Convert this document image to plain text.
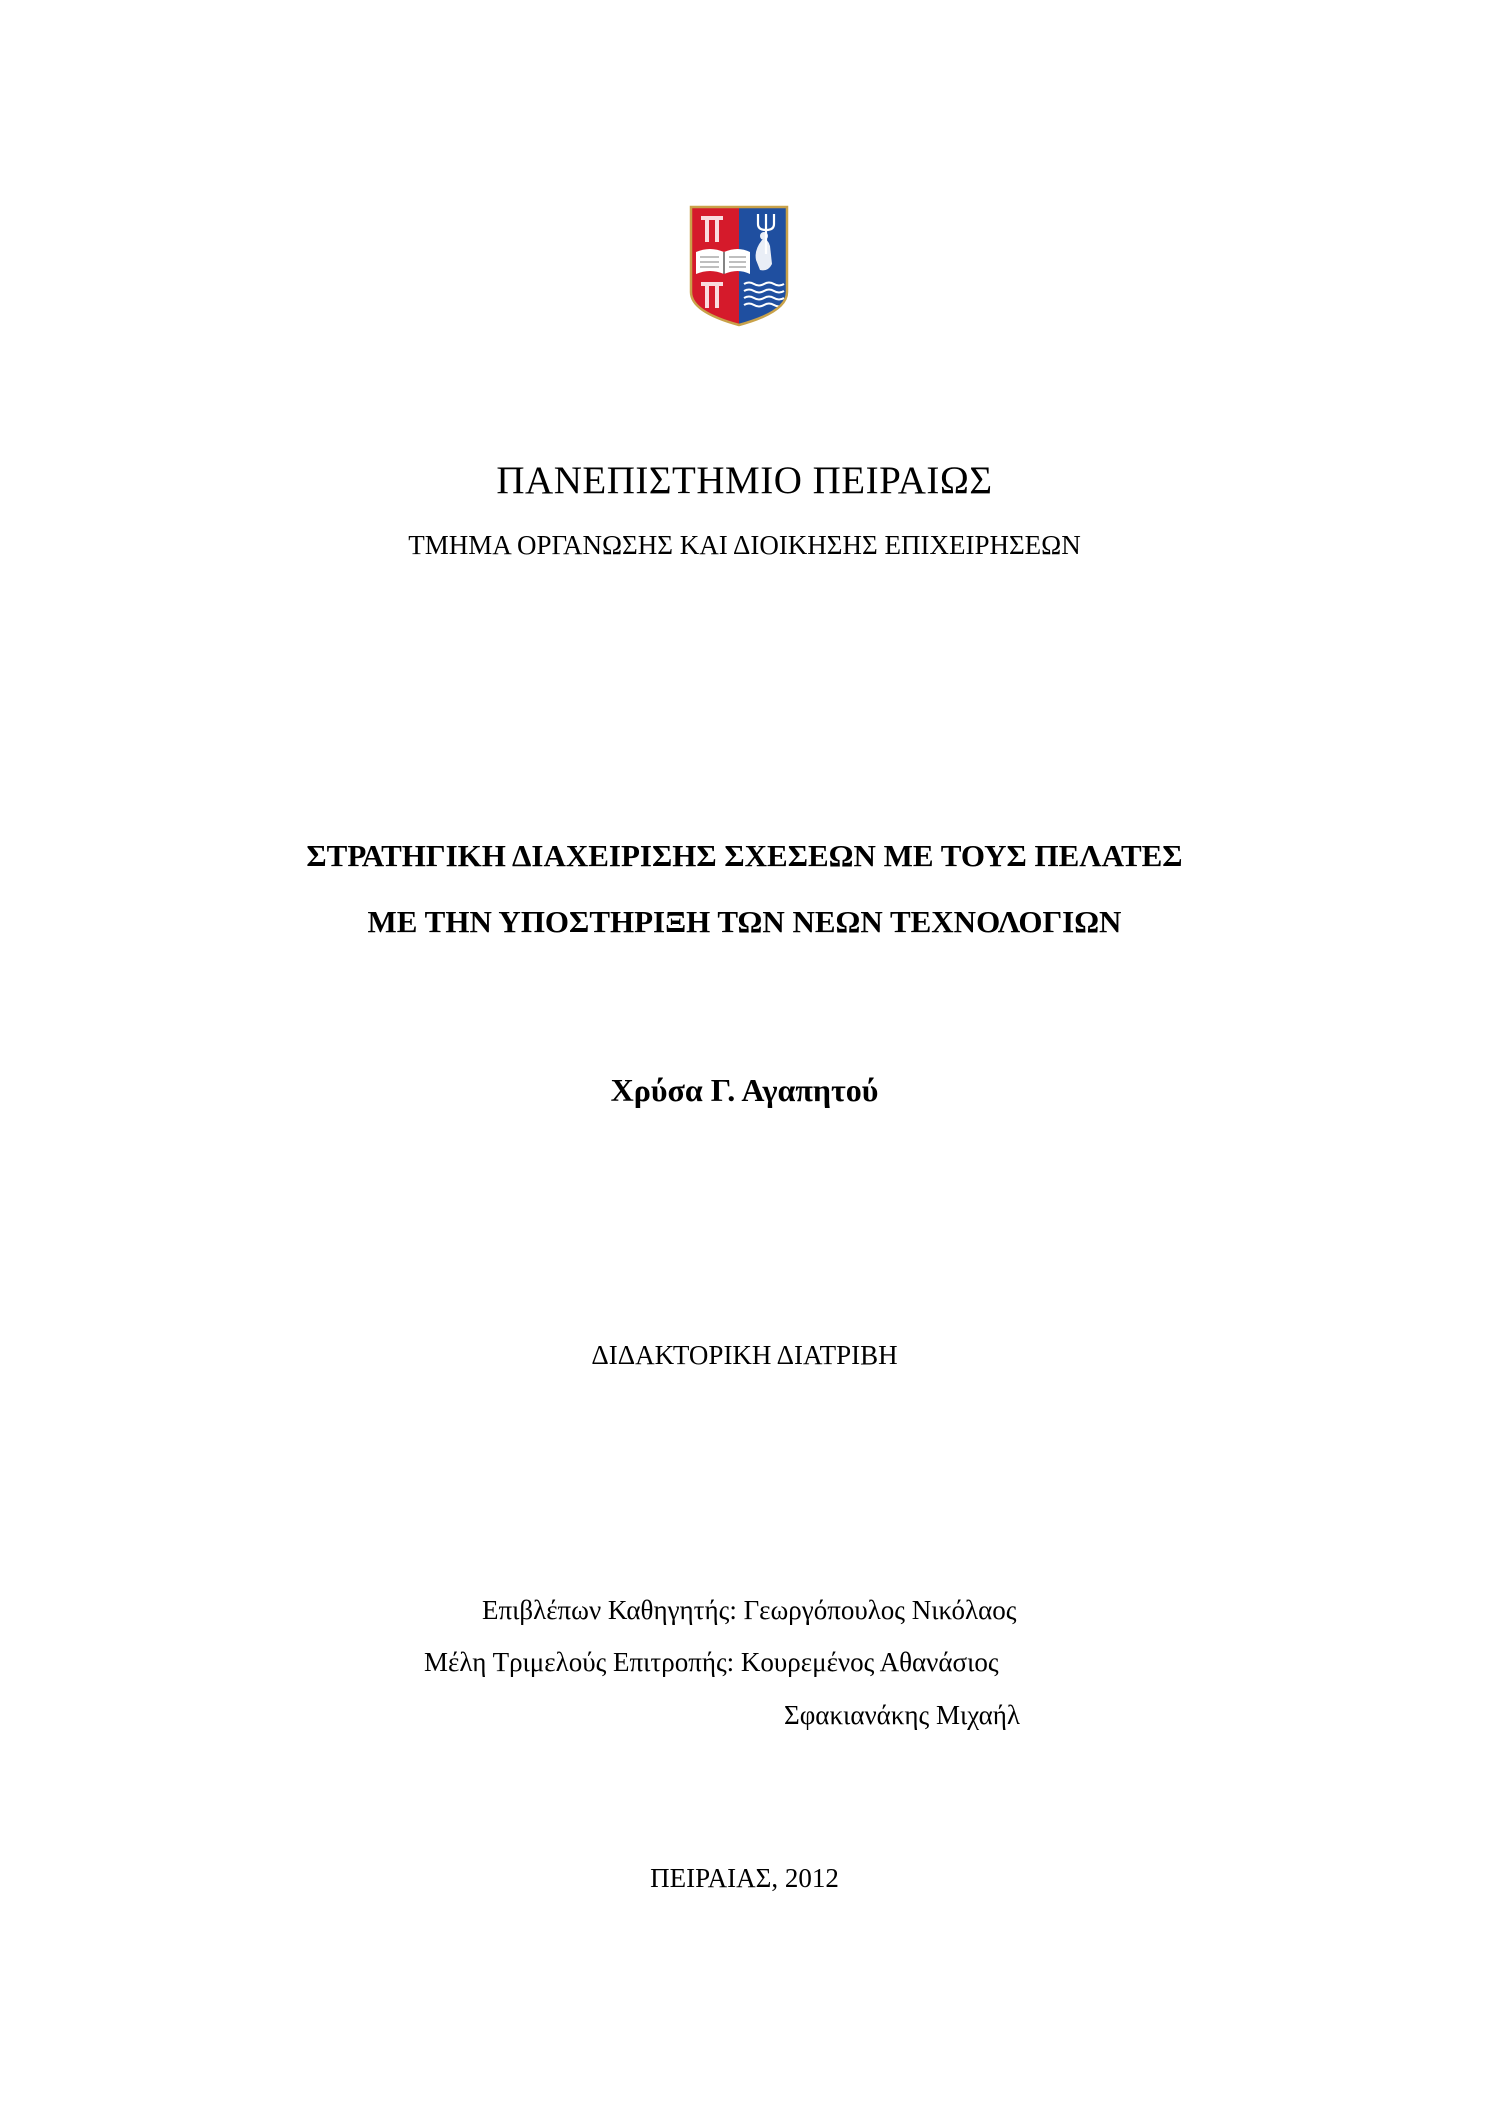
ΠΑΝΕΠΙΣΤΗΜΙΟ ΠΕΙΡΑΙΩΣ
ΤΜΗΜΑ ΟΡΓΑΝΩΣΗΣ ΚΑΙ ΔΙΟΙΚΗΣΗΣ ΕΠΙΧΕΙΡΗΣΕΩΝ
ΣΤΡΑΤΗΓΙΚΗ ΔΙΑΧΕΙΡΙΣΗΣ ΣΧΕΣΕΩΝ ΜΕ ΤΟΥΣ ΠΕΛΑΤΕΣ
ΜΕ ΤΗΝ ΥΠΟΣΤΗΡΙΞΗ ΤΩΝ ΝΕΩΝ ΤΕΧΝΟΛΟΓΙΩΝ
Χρύσα Γ. Αγαπητού
ΔΙΔΑΚΤΟΡΙΚΗ ΔΙΑΤΡΙΒΗ
Επιβλέπων Καθηγητής: Γεωργόπουλος Νικόλαος
Μέλη Τριμελούς Επιτροπής: Κουρεμένος Αθανάσιος
Σφακιανάκης Μιχαήλ
ΠΕΙΡΑΙΑΣ, 2012
